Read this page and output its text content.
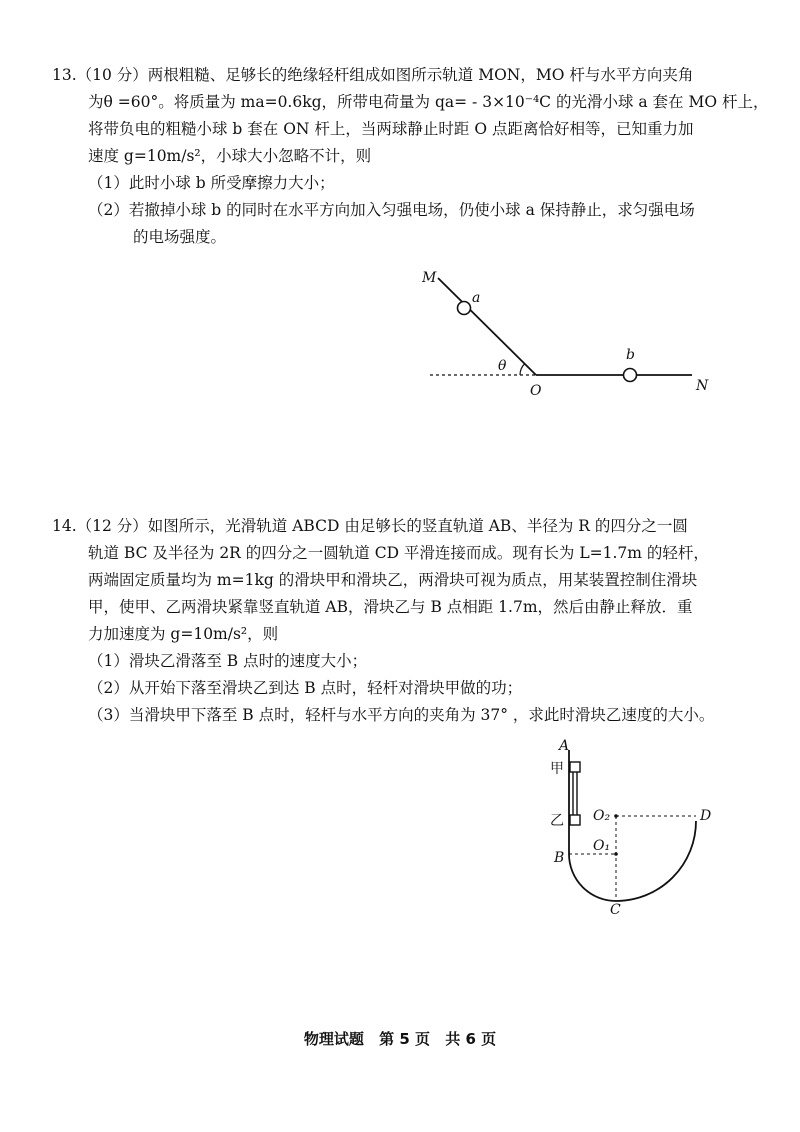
13.（10 分）两根粗糙、足够长的绝缘轻杆组成如图所示轨道 MON，MO 杆与水平方向夹角
为θ =60°。将质量为 ma=0.6kg，所带电荷量为 qa= - 3×10⁻⁴C 的光滑小球 a 套在 MO 杆上，
将带负电的粗糙小球 b 套在 ON 杆上，当两球静止时距 O 点距离恰好相等，已知重力加
速度 g=10m/s²，小球大小忽略不计，则
（1）此时小球 b 所受摩擦力大小；
（2）若撤掉小球 b 的同时在水平方向加入匀强电场，仍使小球 a 保持静止，求匀强电场
的电场强度。
M
a
θ
O
b
N
14.（12 分）如图所示，光滑轨道 ABCD 由足够长的竖直轨道 AB、半径为 R 的四分之一圆
轨道 BC 及半径为 2R 的四分之一圆轨道 CD 平滑连接而成。现有长为 L=1.7m 的轻杆，
两端固定质量均为 m=1kg 的滑块甲和滑块乙，两滑块可视为质点，用某装置控制住滑块
甲，使甲、乙两滑块紧靠竖直轨道 AB，滑块乙与 B 点相距 1.7m，然后由静止释放．重
力加速度为 g=10m/s²，则
（1）滑块乙滑落至 B 点时的速度大小；
（2）从开始下落至滑块乙到达 B 点时，轻杆对滑块甲做的功；
（3）当滑块甲下落至 B 点时，轻杆与水平方向的夹角为 37° ，求此时滑块乙速度的大小。
A
甲
乙 O₂	D
B
O₁
C
物理试题 第 5 页 共 6 页
